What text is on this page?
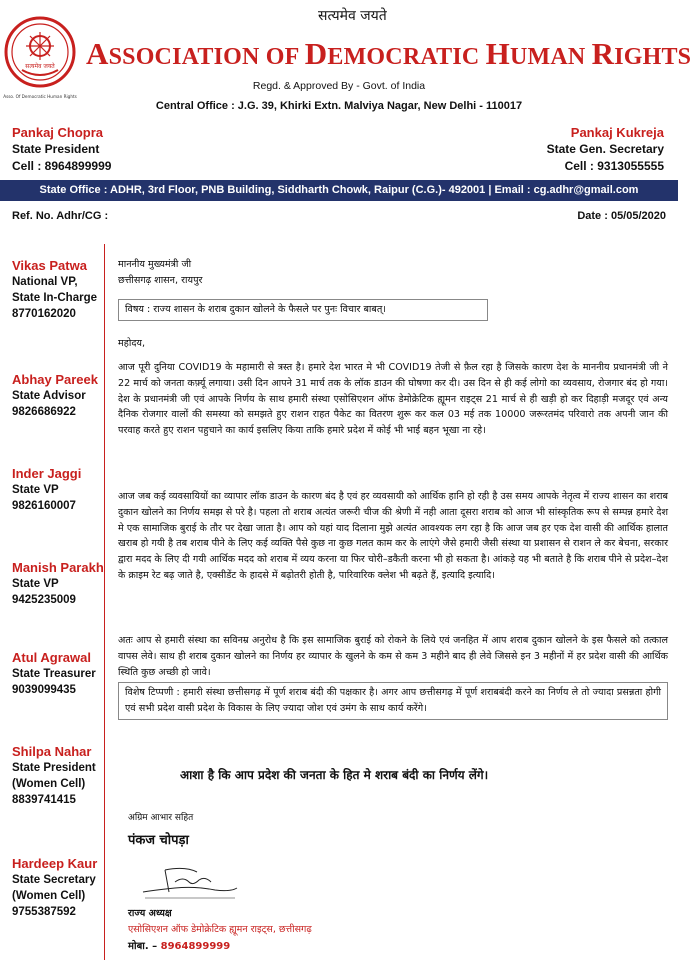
सत्यमेव जयते
सत्यमेव जयते
Asso. Of Democratic Human Rights
ASSOCIATION OF DEMOCRATIC HUMAN RIGHTS
Regd. & Approved By - Govt. of India
Central Office : J.G. 39, Khirki Extn. Malviya Nagar, New Delhi - 110017
Pankaj Chopra
State President
Cell : 8964899999
Pankaj Kukreja
State Gen. Secretary
Cell : 9313055555
State Office : ADHR, 3rd Floor, PNB Building, Siddharth Chowk, Raipur (C.G.)- 492001 | Email : cg.adhr@gmail.com
Ref. No. Adhr/CG :	Date : 05/05/2020
Vikas Patwa
National VP,
State In-Charge
8770162020
Abhay Pareek
State Advisor
9826686922
Inder Jaggi
State VP
9826160007
Manish Parakh
State VP
9425235009
Atul Agrawal
State Treasurer
9039099435
Shilpa Nahar
State President
(Women Cell)
8839741415
Hardeep Kaur
State Secretary
(Women Cell)
9755387592
माननीय मुख्यमंत्री जी
छत्तीसगढ़ शासन, रायपुर
विषय : राज्य शासन के शराब दुकान खोलने के फैसले पर पुनः विचार बाबत्।
महोदय,
आज पूरी दुनिया COVID19 के महामारी से त्रस्त है। हमारे देश भारत मे भी COVID19 तेजी से फ़ैल रहा है जिसके कारण देश के माननीय प्रधानमंत्री जी ने 22 मार्च को जनता कर्फ़्यू लगाया। उसी दिन आपने 31 मार्च तक के लॉक डाउन की घोषणा कर दी। उस दिन से ही कई लोगो का व्यवसाय, रोजगार बंद हो गया। देश के प्रधानमंत्री जी एवं आपके निर्णय के साथ हमारी संस्था एसोसिएशन ऑफ डेमोक्रेटिक ह्यूमन राइट्स 21 मार्च से ही खड़ी हो कर दिहाड़ी मजदूर एवं अन्य दैनिक रोजगार वालों की समस्या को समझते हुए राशन राहत पैकेट का वितरण शुरू कर कल 03 मई तक 10000 जरूरतमंद परिवारो तक अपनी जान की परवाह करते हुए राशन पहुचाने का कार्य इसलिए किया ताकि हमारे प्रदेश में कोई भी भाई बहन भूखा ना रहे।
आज जब कई व्यवसायियों का व्यापार लॉक डाउन के कारण बंद है एवं हर व्यवसायी को आर्थिक हानि हो रही है उस समय आपके नेतृत्व में राज्य शासन का शराब दुकान खोलने का निर्णय समझ से परे है। पहला तो शराब अत्यंत जरूरी चीज की श्रेणी में नही आता दूसरा शराब को आज भी सांस्कृतिक रूप से सम्पन्न हमारे देश मे एक सामाजिक बुराई के तौर पर देखा जाता है। आप को यहां याद दिलाना मुझे अत्यंत आवश्यक लग रहा है कि आज जब हर एक देश वासी की आर्थिक हालात खराब हो गयी है तब शराब पीने के लिए कई व्यक्ति पैसे कुछ ना कुछ गलत काम कर के लाएंगे जैसे हमारी जैसी संस्था या प्रशासन से राशन ले कर बेचना, सरकार द्वारा मदद के लिए दी गयी आर्थिक मदद को शराब में व्यय करना या फिर चोरी–डकैती करना भी हो सकता है। आंकड़े यह भी बताते है कि शराब पीने से प्रदेश–देश के क्राइम रेट बढ़ जाते है, एक्सीडेंट के हादसे में बढ़ोतरी होती है, पारिवारिक क्लेश भी बढ़ते हैं, इत्यादि इत्यादि।
अतः आप से हमारी संस्था का सविनम्र अनुरोध है कि इस सामाजिक बुराई को रोकने के लिये एवं जनहित में आप शराब दुकान खोलने के इस फैसले को तत्काल वापस लेवे। साथ ही शराब दुकान खोलने का निर्णय हर व्यापार के खुलने के कम से कम 3 महीने बाद ही लेवे जिससे इन 3 महीनों में हर प्रदेश वासी की आर्थिक स्थिति कुछ अच्छी हो जावे।
विशेष टिप्पणी : हमारी संस्था छत्तीसगढ़ में पूर्ण शराब बंदी की पक्षकार है। अगर आप छत्तीसगढ़ में पूर्ण शराबबंदी करने का निर्णय ले तो ज्यादा प्रसन्नता होगी एवं सभी प्रदेश वासी प्रदेश के विकास के लिए ज्यादा जोश एवं उमंग के साथ कार्य करेंगे।
आशा है कि आप प्रदेश की जनता के हित मे शराब बंदी का निर्णय लेंगे।
अग्रिम आभार सहित
पंकज चोपड़ा
राज्य अध्यक्ष
एसोसिएशन ऑफ डेमोक्रेटिक ह्यूमन राइट्स, छत्तीसगढ़
मोबा. – 8964899999
